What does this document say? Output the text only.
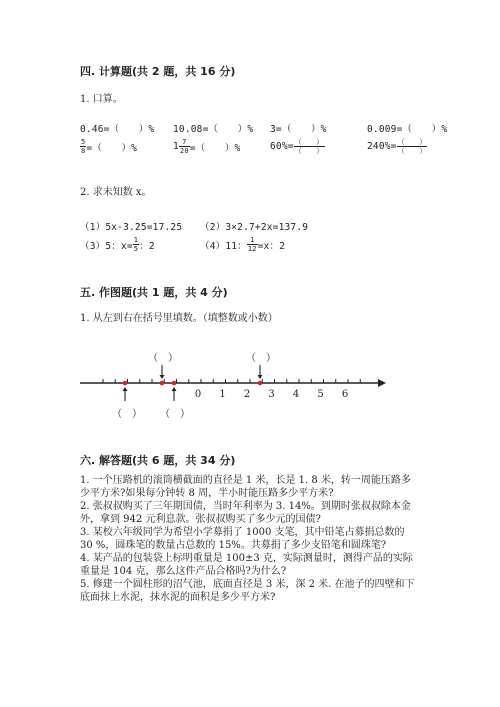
四. 计算题(共 2 题，共 16 分)
1. 口算。
0.46=（　　）% 10.08=（　　）% 3=（　　）%	0.009=（　　）%
$\frac{5}{8}$ =（　　）%	$1 \frac{7}{20}$ =（　　）%	$60\%= \frac{( )}{( )}$	$240\%= \frac{( )}{( )}$
2. 求未知数 x。
（1）5x-3.25=17.25 （2）3×2.7+2x=137.9
（3）5：$x= \frac{1}{5}$ ：2	（4）11： $\frac{1}{12} =x$：2
五. 作图题(共 1 题，共 4 分)
1. 从左到右在括号里填数。（填整数或小数）
0 1 2 3 4 5 6
（　）	（　）
（　） （　）
六. 解答题(共 6 题，共 34 分)
1. 一个压路机的滚筒横截面的直径是 1 米，长是 1. 8 米，转一周能压路多少平方米?如果每分钟转 8 周，半小时能压路多少平方米?
2. 张叔叔购买了三年期国债，当时年利率为 3. 14%。到期时张叔叔除本金外，拿到 942 元利息款。张叔叔购买了多少元的国债?
3. 某校六年级同学为希望小学募捐了 1000 支笔，其中铅笔占募捐总数的 30 %，圆珠笔的数量占总数的 15%。共募捐了多少支铅笔和圆珠笔?
4. 某产品的包装袋上标明重量是 100±3 克，实际测量时，测得产品的实际重量是 104 克，那么这件产品合格吗?为什么?
5. 修建一个圆柱形的沼气池，底面直径是 3 米，深 2 米. 在池子的四壁和下底面抹上水泥，抹水泥的面积是多少平方米?
